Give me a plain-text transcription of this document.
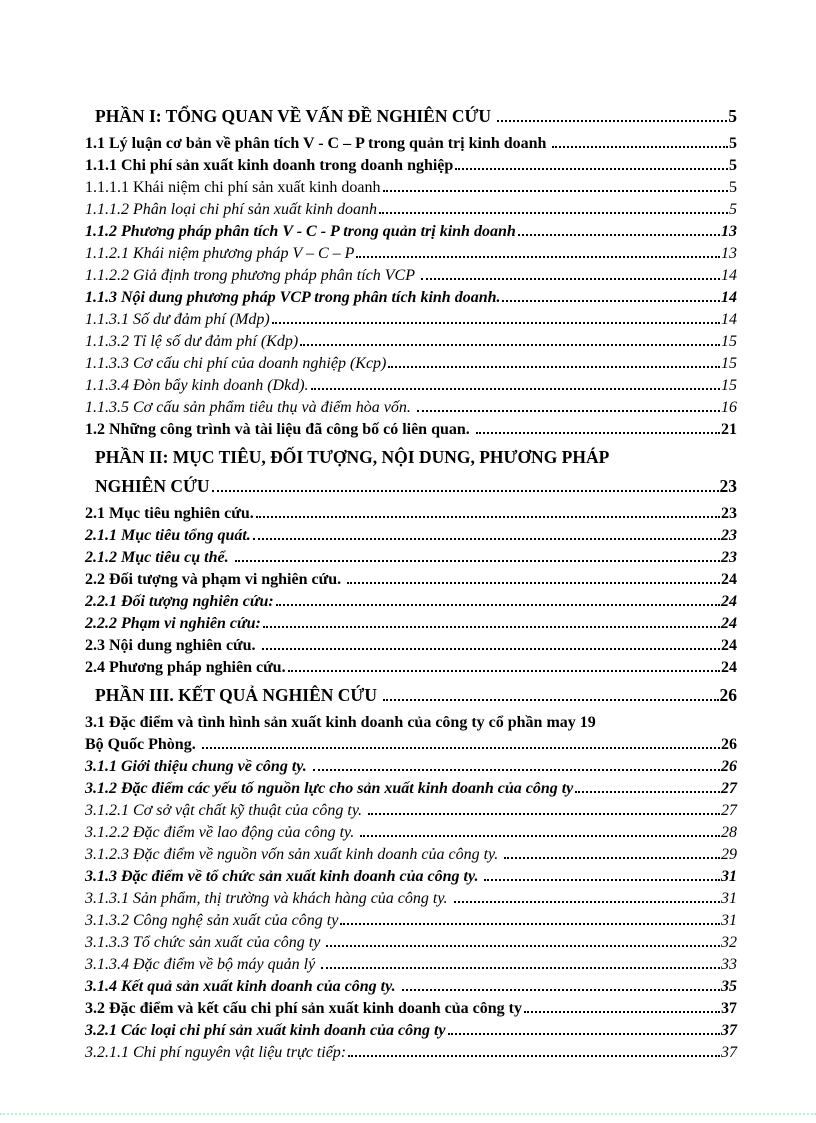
PHẦN I: TỔNG QUAN VỀ VẤN ĐỀ NGHIÊN CỨU	5
1.1 Lý luận cơ bản về phân tích V - C – P trong quản trị kinh doanh	5
1.1.1 Chi phí sản xuất kinh doanh trong doanh nghiệp	5
1.1.1.1 Khái niệm chi phí sản xuất kinh doanh	5
1.1.1.2 Phân loại chi phí sản xuất kinh doanh	5
1.1.2 Phương pháp phân tích V - C - P trong quản trị kinh doanh	13
1.1.2.1 Khái niệm phương pháp V – C – P	13
1.1.2.2 Giả định trong phương pháp phân tích VCP	14
1.1.3 Nội dung phương pháp VCP trong phân tích kinh doanh.	14
1.1.3.1 Số dư đảm phí (Mdp)	14
1.1.3.2 Tỉ lệ số dư đảm phí (Kdp)	15
1.1.3.3 Cơ cấu chi phí của doanh nghiệp (Kcp)	15
1.1.3.4 Đòn bẩy kinh doanh (Dkd).	15
1.1.3.5 Cơ cấu sản phẩm tiêu thụ và điểm hòa vốn.	16
1.2 Những công trình và tài liệu đã công bố có liên quan.	21
PHẦN II: MỤC TIÊU, ĐỐI TƯỢNG, NỘI DUNG, PHƯƠNG PHÁP
NGHIÊN CỨU	23
2.1 Mục tiêu nghiên cứu.	23
2.1.1 Mục tiêu tổng quát.	23
2.1.2 Mục tiêu cụ thể.	23
2.2 Đối tượng và phạm vi nghiên cứu.	24
2.2.1 Đối tượng nghiên cứu:	24
2.2.2 Phạm vi nghiên cứu:	24
2.3 Nội dung nghiên cứu.	24
2.4 Phương pháp nghiên cứu.	24
PHẦN III. KẾT QUẢ NGHIÊN CỨU	26
3.1 Đặc điểm và tình hình sản xuất kinh doanh của công ty cổ phần may 19
Bộ Quốc Phòng.	26
3.1.1 Giới thiệu chung về công ty.	26
3.1.2 Đặc điểm các yếu tố nguồn lực cho sản xuất kinh doanh của công ty	27
3.1.2.1 Cơ sở vật chất kỹ thuật của công ty.	27
3.1.2.2 Đặc điểm về lao động của công ty.	28
3.1.2.3 Đặc điểm về nguồn vốn sản xuất kinh doanh của công ty.	29
3.1.3 Đặc điểm về tổ chức sản xuất kinh doanh của công ty.	31
3.1.3.1 Sản phẩm, thị trường và khách hàng của công ty.	31
3.1.3.2 Công nghệ sản xuất của công ty	31
3.1.3.3 Tổ chức sản xuất của công ty	32
3.1.3.4 Đặc điểm về bộ máy quản lý	33
3.1.4 Kết quả sản xuất kinh doanh của công ty.	35
3.2 Đặc điểm và kết cấu chi phí sản xuất kinh doanh của công ty	37
3.2.1 Các loại chi phí sản xuất kinh doanh của công ty	37
3.2.1.1 Chi phí nguyên vật liệu trực tiếp:	37
